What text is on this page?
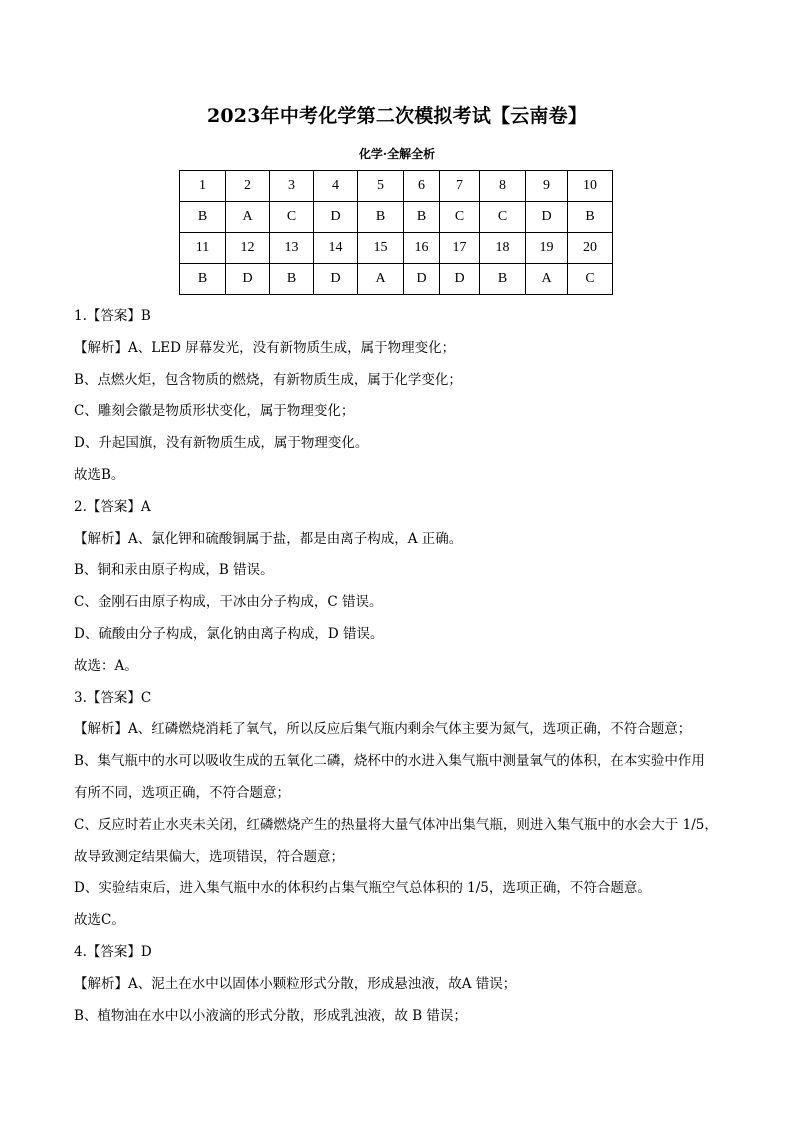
2023年中考化学第二次模拟考试【云南卷】
化学·全解全析
1	2	3	4	5	6	7	8	9	10
B	A	C	D	B	B	C	C	D	B
11	12	13	14	15	16	17	18	19	20
B	D	B	D	A	D	D	B	A	C

1.【答案】B

【解析】A、LED 屏幕发光，没有新物质生成，属于物理变化；

B、点燃火炬，包含物质的燃烧，有新物质生成，属于化学变化；

C、雕刻会徽是物质形状变化，属于物理变化；

D、升起国旗，没有新物质生成，属于物理变化。

故选B。

2.【答案】A

【解析】A、氯化钾和硫酸铜属于盐，都是由离子构成，A 正确。

B、铜和汞由原子构成，B 错误。

C、金刚石由原子构成，干冰由分子构成，C 错误。

D、硫酸由分子构成，氯化钠由离子构成，D 错误。

故选：A。

3.【答案】C

【解析】A、红磷燃烧消耗了氧气，所以反应后集气瓶内剩余气体主要为氮气，选项正确，不符合题意；

B、集气瓶中的水可以吸收生成的五氧化二磷，烧杯中的水进入集气瓶中测量氧气的体积，在本实验中作用

有所不同，选项正确，不符合题意；

C、反应时若止水夹未关闭，红磷燃烧产生的热量将大量气体冲出集气瓶，则进入集气瓶中的水会大于 1/5，

故导致测定结果偏大，选项错误，符合题意；

D、实验结束后，进入集气瓶中水的体积约占集气瓶空气总体积的 1/5，选项正确，不符合题意。

故选C。

4.【答案】D

【解析】A、泥土在水中以固体小颗粒形式分散，形成悬浊液，故A 错误；

B、植物油在水中以小液滴的形式分散，形成乳浊液，故 B 错误；
